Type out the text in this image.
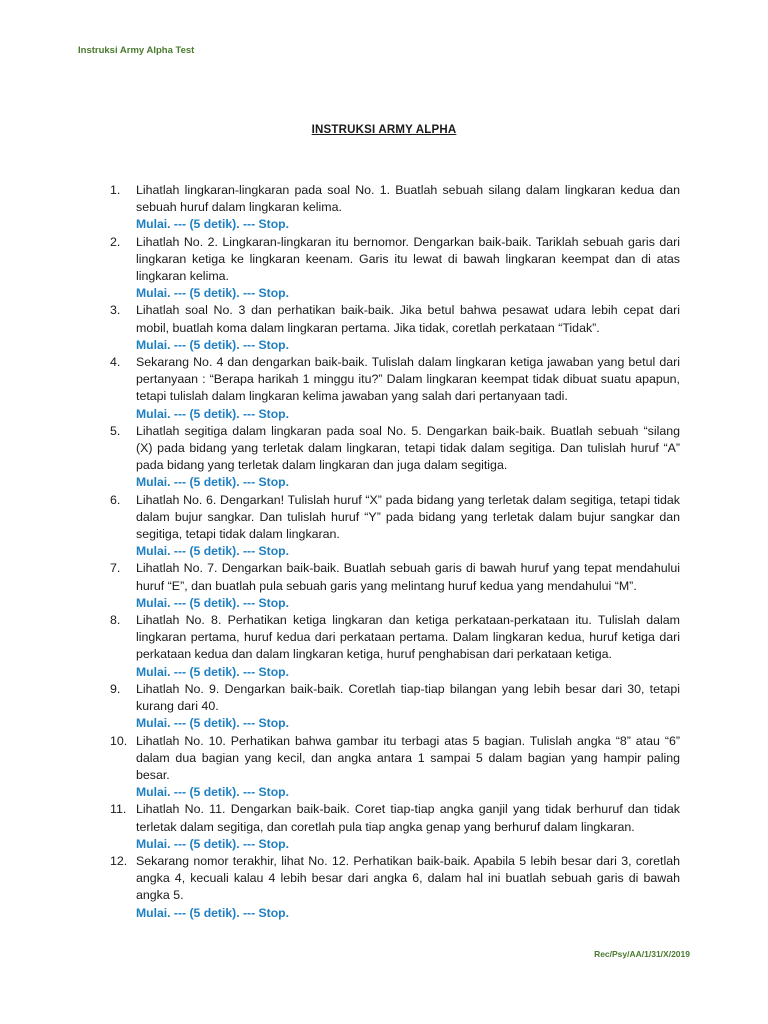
Instruksi Army Alpha Test
INSTRUKSI ARMY ALPHA
1. Lihatlah lingkaran-lingkaran pada soal No. 1. Buatlah sebuah silang dalam lingkaran kedua dan sebuah huruf dalam lingkaran kelima.
Mulai. --- (5 detik). --- Stop.
2. Lihatlah No. 2. Lingkaran-lingkaran itu bernomor. Dengarkan baik-baik. Tariklah sebuah garis dari lingkaran ketiga ke lingkaran keenam. Garis itu lewat di bawah lingkaran keempat dan di atas lingkaran kelima.
Mulai. --- (5 detik). --- Stop.
3. Lihatlah soal No. 3 dan perhatikan baik-baik. Jika betul bahwa pesawat udara lebih cepat dari mobil, buatlah koma dalam lingkaran pertama. Jika tidak, coretlah perkataan “Tidak”.
Mulai. --- (5 detik). --- Stop.
4. Sekarang No. 4 dan dengarkan baik-baik. Tulislah dalam lingkaran ketiga jawaban yang betul dari pertanyaan : “Berapa harikah 1 minggu itu?” Dalam lingkaran keempat tidak dibuat suatu apapun, tetapi tulislah dalam lingkaran kelima jawaban yang salah dari pertanyaan tadi.
Mulai. --- (5 detik). --- Stop.
5. Lihatlah segitiga dalam lingkaran pada soal No. 5. Dengarkan baik-baik. Buatlah sebuah “silang (X) pada bidang yang terletak dalam lingkaran, tetapi tidak dalam segitiga. Dan tulislah huruf “A” pada bidang yang terletak dalam lingkaran dan juga dalam segitiga.
Mulai. --- (5 detik). --- Stop.
6. Lihatlah No. 6. Dengarkan! Tulislah huruf “X” pada bidang yang terletak dalam segitiga, tetapi tidak dalam bujur sangkar. Dan tulislah huruf “Y” pada bidang yang terletak dalam bujur sangkar dan segitiga, tetapi tidak dalam lingkaran.
Mulai. --- (5 detik). --- Stop.
7. Lihatlah No. 7. Dengarkan baik-baik. Buatlah sebuah garis di bawah huruf yang tepat mendahului huruf “E”, dan buatlah pula sebuah garis yang melintang huruf kedua yang mendahului “M”.
Mulai. --- (5 detik). --- Stop.
8. Lihatlah No. 8. Perhatikan ketiga lingkaran dan ketiga perkataan-perkataan itu. Tulislah dalam lingkaran pertama, huruf kedua dari perkataan pertama. Dalam lingkaran kedua, huruf ketiga dari perkataan kedua dan dalam lingkaran ketiga, huruf penghabisan dari perkataan ketiga.
Mulai. --- (5 detik). --- Stop.
9. Lihatlah No. 9. Dengarkan baik-baik. Coretlah tiap-tiap bilangan yang lebih besar dari 30, tetapi kurang dari 40.
Mulai. --- (5 detik). --- Stop.
10. Lihatlah No. 10. Perhatikan bahwa gambar itu terbagi atas 5 bagian. Tulislah angka “8” atau “6” dalam dua bagian yang kecil, dan angka antara 1 sampai 5 dalam bagian yang hampir paling besar.
Mulai. --- (5 detik). --- Stop.
11. Lihatlah No. 11. Dengarkan baik-baik. Coret tiap-tiap angka ganjil yang tidak berhuruf dan tidak terletak dalam segitiga, dan coretlah pula tiap angka genap yang berhuruf dalam lingkaran.
Mulai. --- (5 detik). --- Stop.
12. Sekarang nomor terakhir, lihat No. 12. Perhatikan baik-baik. Apabila 5 lebih besar dari 3, coretlah angka 4, kecuali kalau 4 lebih besar dari angka 6, dalam hal ini buatlah sebuah garis di bawah angka 5.
Mulai. --- (5 detik). --- Stop.
Rec/Psy/AA/1/31/X/2019
